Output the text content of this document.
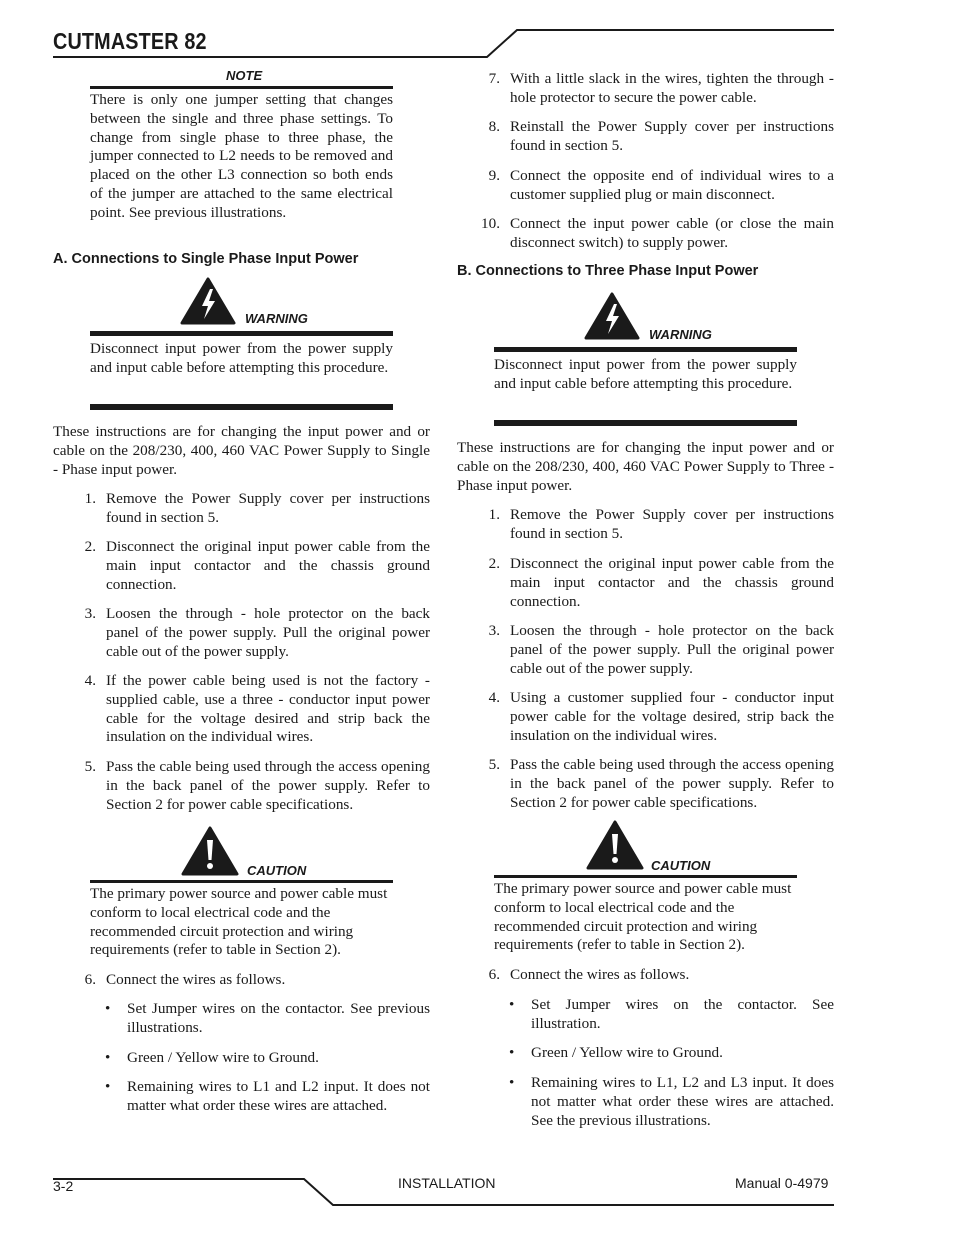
CUTMASTER 82
NOTE
There is only one jumper setting that changes between the single and three phase settings. To change from single phase to three phase, the jumper connected to L2 needs to be removed and placed on the other L3 connection so both ends of the jumper are attached to the same electrical point. See previous illustrations.
A. Connections to Single Phase Input Power
WARNING
Disconnect input power from the power supply and input cable before attempting this procedure.
These instructions are for changing the input power and or cable on the 208/230, 400, 460 VAC Power Supply to Single - Phase input power.
1. Remove the Power Supply cover per instructions found in section 5.
2. Disconnect the original input power cable from the main input contactor and the chassis ground connection.
3. Loosen the through - hole protector on the back panel of the power supply. Pull the original power cable out of the power supply.
4. If the power cable being used is not the factory - supplied cable, use a three - conductor input power cable for the voltage desired and strip back the insulation on the individual wires.
5. Pass the cable being used through the access opening in the back panel of the power supply. Refer to Section 2 for power cable specifications.
CAUTION
The primary power source and power cable must conform to local electrical code and the recommended circuit protection and wiring requirements (refer to table in Section 2).
6. Connect the wires as follows.
• Set Jumper wires on the contactor. See previous illustrations.
• Green / Yellow wire to Ground.
• Remaining wires to L1 and L2 input. It does not matter what order these wires are attached.
7. With a little slack in the wires, tighten the through - hole protector to secure the power cable.
8. Reinstall the Power Supply cover per instructions found in section 5.
9. Connect the opposite end of individual wires to a customer supplied plug or main disconnect.
10. Connect the input power cable (or close the main disconnect switch) to supply power.
B. Connections to Three Phase Input Power
WARNING
Disconnect input power from the power supply and input cable before attempting this procedure.
These instructions are for changing the input power and or cable on the 208/230, 400, 460 VAC Power Supply to Three - Phase input power.
1. Remove the Power Supply cover per instructions found in section 5.
2. Disconnect the original input power cable from the main input contactor and the chassis ground connection.
3. Loosen the through - hole protector on the back panel of the power supply. Pull the original power cable out of the power supply.
4. Using a customer supplied four - conductor input power cable for the voltage desired, strip back the insulation on the individual wires.
5. Pass the cable being used through the access opening in the back panel of the power supply. Refer to Section 2 for power cable specifications.
CAUTION
The primary power source and power cable must conform to local electrical code and the recommended circuit protection and wiring requirements (refer to table in Section 2).
6. Connect the wires as follows.
• Set Jumper wires on the contactor. See illustration.
• Green / Yellow wire to Ground.
• Remaining wires to L1, L2 and L3 input. It does not matter what order these wires are attached. See the previous illustrations.
3-2	INSTALLATION	Manual 0-4979
